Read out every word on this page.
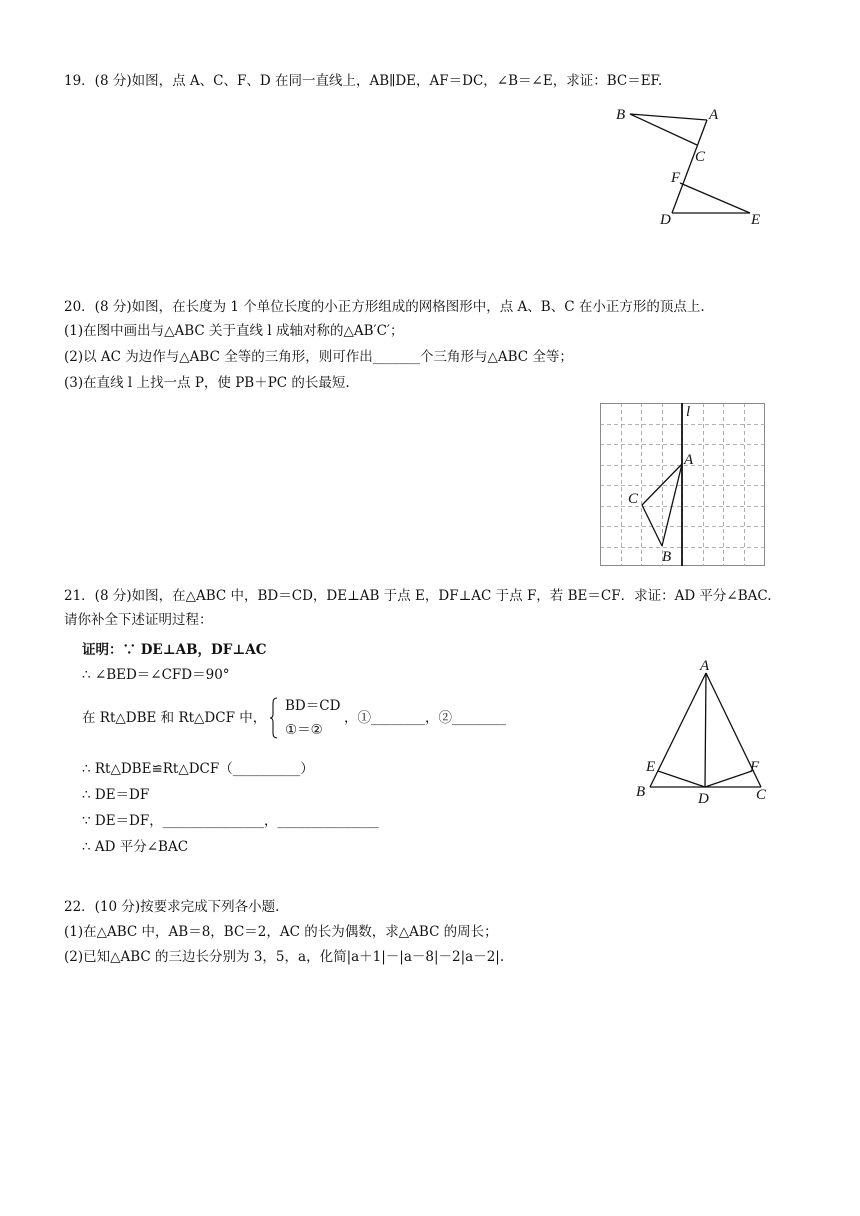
19．(8 分)如图，点 A、C、F、D 在同一直线上，AB∥DE，AF＝DC，∠B＝∠E，求证：BC＝EF.
B	A
C
F
D	E
20．(8 分)如图，在长度为 1 个单位长度的小正方形组成的网格图形中，点 A、B、C 在小正方形的顶点上.
(1)在图中画出与△ABC 关于直线 l 成轴对称的△AB′C′；
(2)以 AC 为边作与△ABC 全等的三角形，则可作出_______个三角形与△ABC 全等；
(3)在直线 l 上找一点 P，使 PB＋PC 的长最短.
l
A
C
B
21．(8 分)如图，在△ABC 中，BD＝CD，DE⊥AB 于点 E，DF⊥AC 于点 F，若 BE＝CF．求证：AD 平分∠BAC.
请你补全下述证明过程：
证明：∵ DE⊥AB，DF⊥AC
∴ ∠BED＝∠CFD＝90°
在 Rt△DBE 和 Rt△DCF 中，
BD＝CD
①＝②
，①________，②________
∴ Rt△DBE≌Rt△DCF（__________）
∴ DE＝DF
∵ DE＝DF，_______________，_______________
∴ AD 平分∠BAC
A
E	F
B	D	C
22．(10 分)按要求完成下列各小题.
(1)在△ABC 中，AB＝8，BC＝2，AC 的长为偶数，求△ABC 的周长；
(2)已知△ABC 的三边长分别为 3，5，a，化简|a＋1|－|a－8|－2|a－2|.
